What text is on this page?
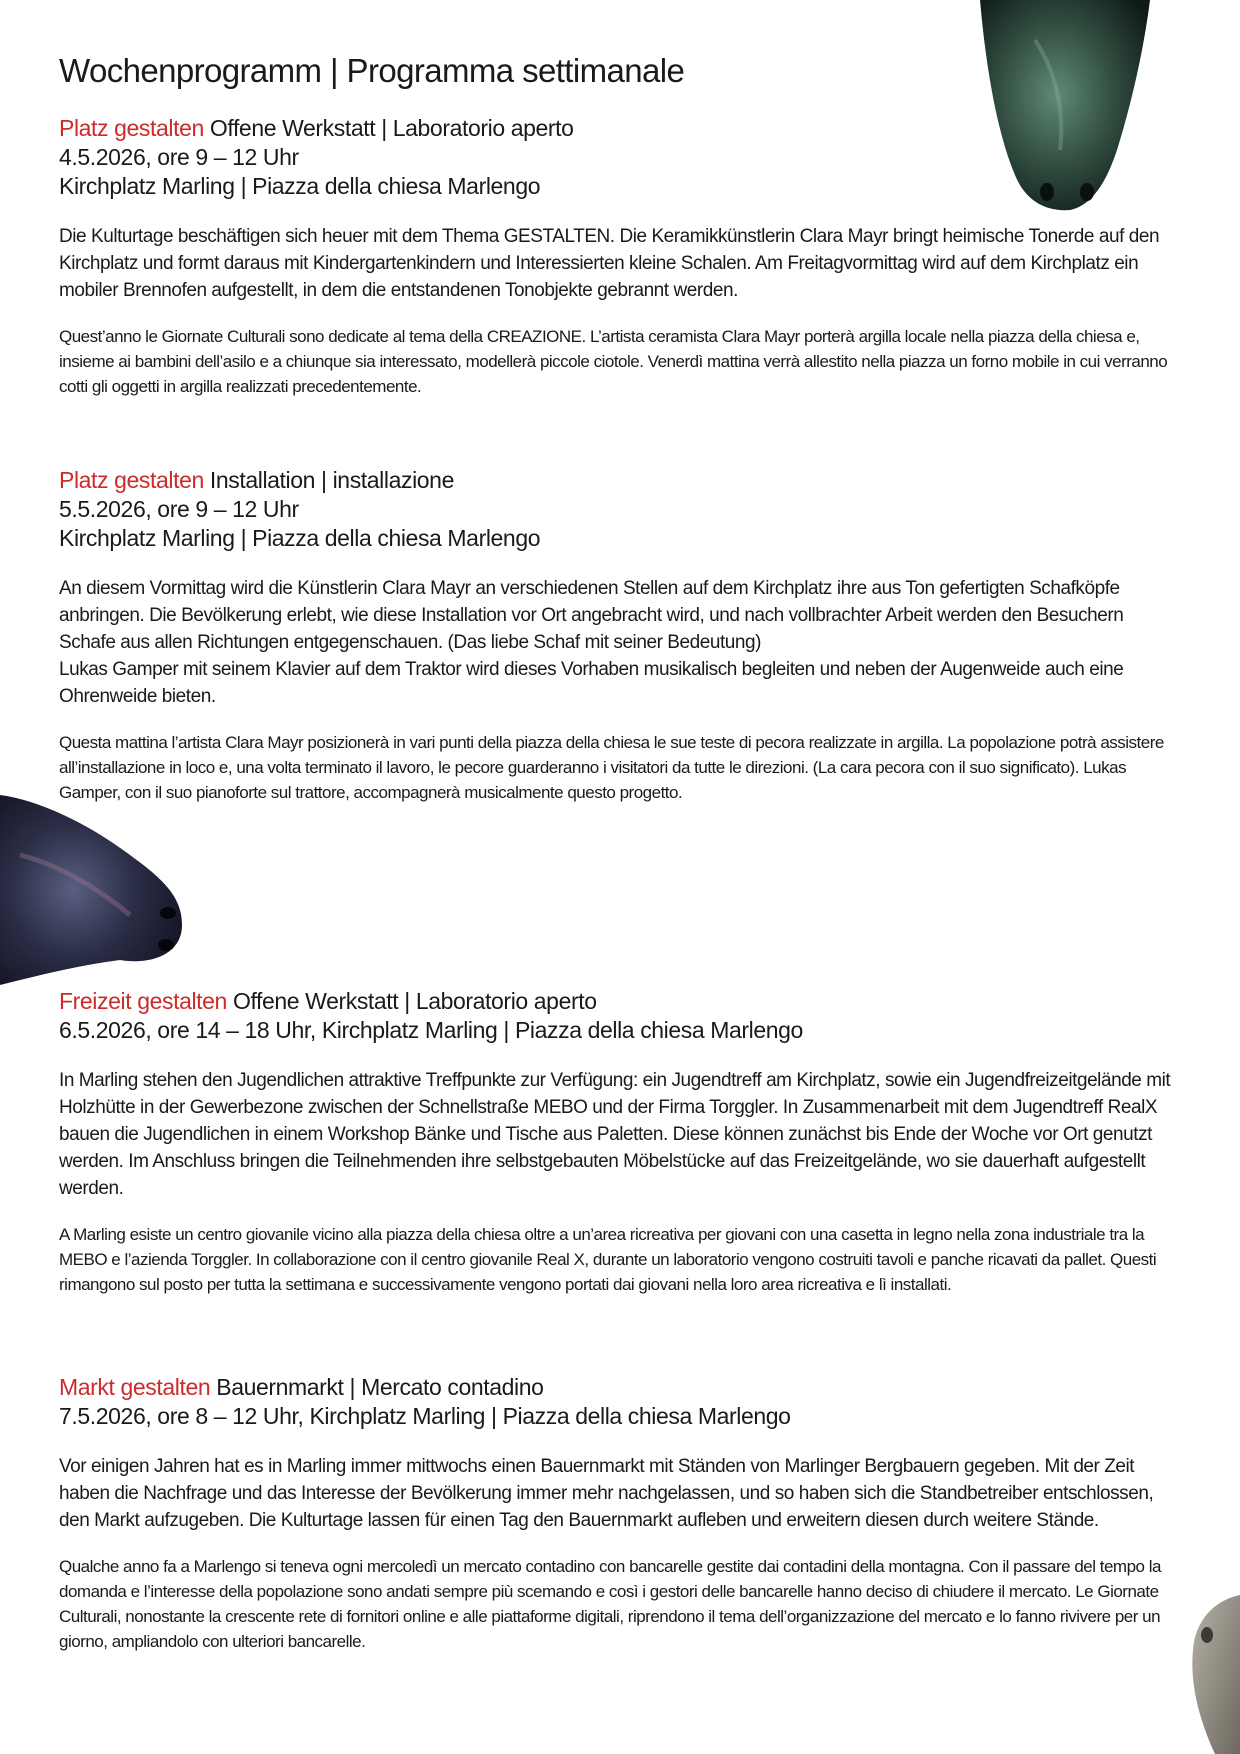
Wochenprogramm | Programma settimanale
Platz gestalten Offene Werkstatt | Laboratorio aperto
4.5.2026, ore 9 – 12 Uhr
Kirchplatz Marling | Piazza della chiesa Marlengo

Die Kulturtage beschäftigen sich heuer mit dem Thema GESTALTEN. Die Keramikkünstlerin Clara Mayr bringt heimische Tonerde auf den Kirchplatz und formt daraus mit Kindergartenkindern und Interessierten kleine Schalen. Am Freitagvormittag wird auf dem Kirchplatz ein mobiler Brennofen aufgestellt, in dem die entstandenen Tonobjekte gebrannt werden.

Quest’anno le Giornate Culturali sono dedicate al tema della CREAZIONE. L’artista ceramista Clara Mayr porterà argilla locale nella piazza della chiesa e, insieme ai bambini dell’asilo e a chiunque sia interessato, modellerà piccole ciotole. Venerdì mattina verrà allestito nella piazza un forno mobile in cui verranno cotti gli oggetti in argilla realizzati precedentemente.

Platz gestalten Installation | installazione
5.5.2026, ore 9 – 12 Uhr
Kirchplatz Marling | Piazza della chiesa Marlengo

An diesem Vormittag wird die Künstlerin Clara Mayr an verschiedenen Stellen auf dem Kirchplatz ihre aus Ton gefertigten Schafköpfe anbringen. Die Bevölkerung erlebt, wie diese Installation vor Ort angebracht wird, und nach vollbrachter Arbeit werden den Besuchern Schafe aus allen Richtungen entgegenschauen. (Das liebe Schaf mit seiner Bedeutung)

Lukas Gamper mit seinem Klavier auf dem Traktor wird dieses Vorhaben musikalisch begleiten und neben der Augenweide auch eine Ohrenweide bieten.

Questa mattina l’artista Clara Mayr posizionerà in vari punti della piazza della chiesa le sue teste di pecora realizzate in argilla. La popolazione potrà assistere all’installazione in loco e, una volta terminato il lavoro, le pecore guarderanno i visitatori da tutte le direzioni. (La cara pecora con il suo significato). Lukas Gamper, con il suo pianoforte sul trattore, accompagnerà musicalmente questo progetto.

Freizeit gestalten Offene Werkstatt | Laboratorio aperto
6.5.2026, ore 14 – 18 Uhr, Kirchplatz Marling | Piazza della chiesa Marlengo

In Marling stehen den Jugendlichen attraktive Treffpunkte zur Verfügung: ein Jugendtreff am Kirchplatz, sowie ein Jugendfreizeitgelände mit Holzhütte in der Gewerbezone zwischen der Schnellstraße MEBO und der Firma Torggler. In Zusammenarbeit mit dem Jugendtreff RealX bauen die Jugendlichen in einem Workshop Bänke und Tische aus Paletten. Diese können zunächst bis Ende der Woche vor Ort genutzt werden. Im Anschluss bringen die Teilnehmenden ihre selbstgebauten Möbelstücke auf das Freizeitgelände, wo sie dauerhaft aufgestellt werden.

A Marling esiste un centro giovanile vicino alla piazza della chiesa oltre a un’area ricreativa per giovani con una casetta in legno nella zona industriale tra la MEBO e l’azienda Torggler. In collaborazione con il centro giovanile Real X, durante un laboratorio vengono costruiti tavoli e panche ricavati da pallet. Questi rimangono sul posto per tutta la settimana e successivamente vengono portati dai giovani nella loro area ricreativa e lì installati.

Markt gestalten Bauernmarkt | Mercato contadino
7.5.2026, ore 8 – 12 Uhr, Kirchplatz Marling | Piazza della chiesa Marlengo

Vor einigen Jahren hat es in Marling immer mittwochs einen Bauernmarkt mit Ständen von Marlinger Bergbauern gegeben. Mit der Zeit haben die Nachfrage und das Interesse der Bevölkerung immer mehr nachgelassen, und so haben sich die Standbetreiber entschlossen, den Markt aufzugeben. Die Kulturtage lassen für einen Tag den Bauernmarkt aufleben und erweitern diesen durch weitere Stände.

Qualche anno fa a Marlengo si teneva ogni mercoledì un mercato contadino con bancarelle gestite dai contadini della montagna. Con il passare del tempo la domanda e l’interesse della popolazione sono andati sempre più scemando e così i gestori delle bancarelle hanno deciso di chiudere il mercato. Le Giornate Culturali, nonostante la crescente rete di fornitori online e alle piattaforme digitali, riprendono il tema dell’organizzazione del mercato e lo fanno rivivere per un giorno, ampliandolo con ulteriori bancarelle.
